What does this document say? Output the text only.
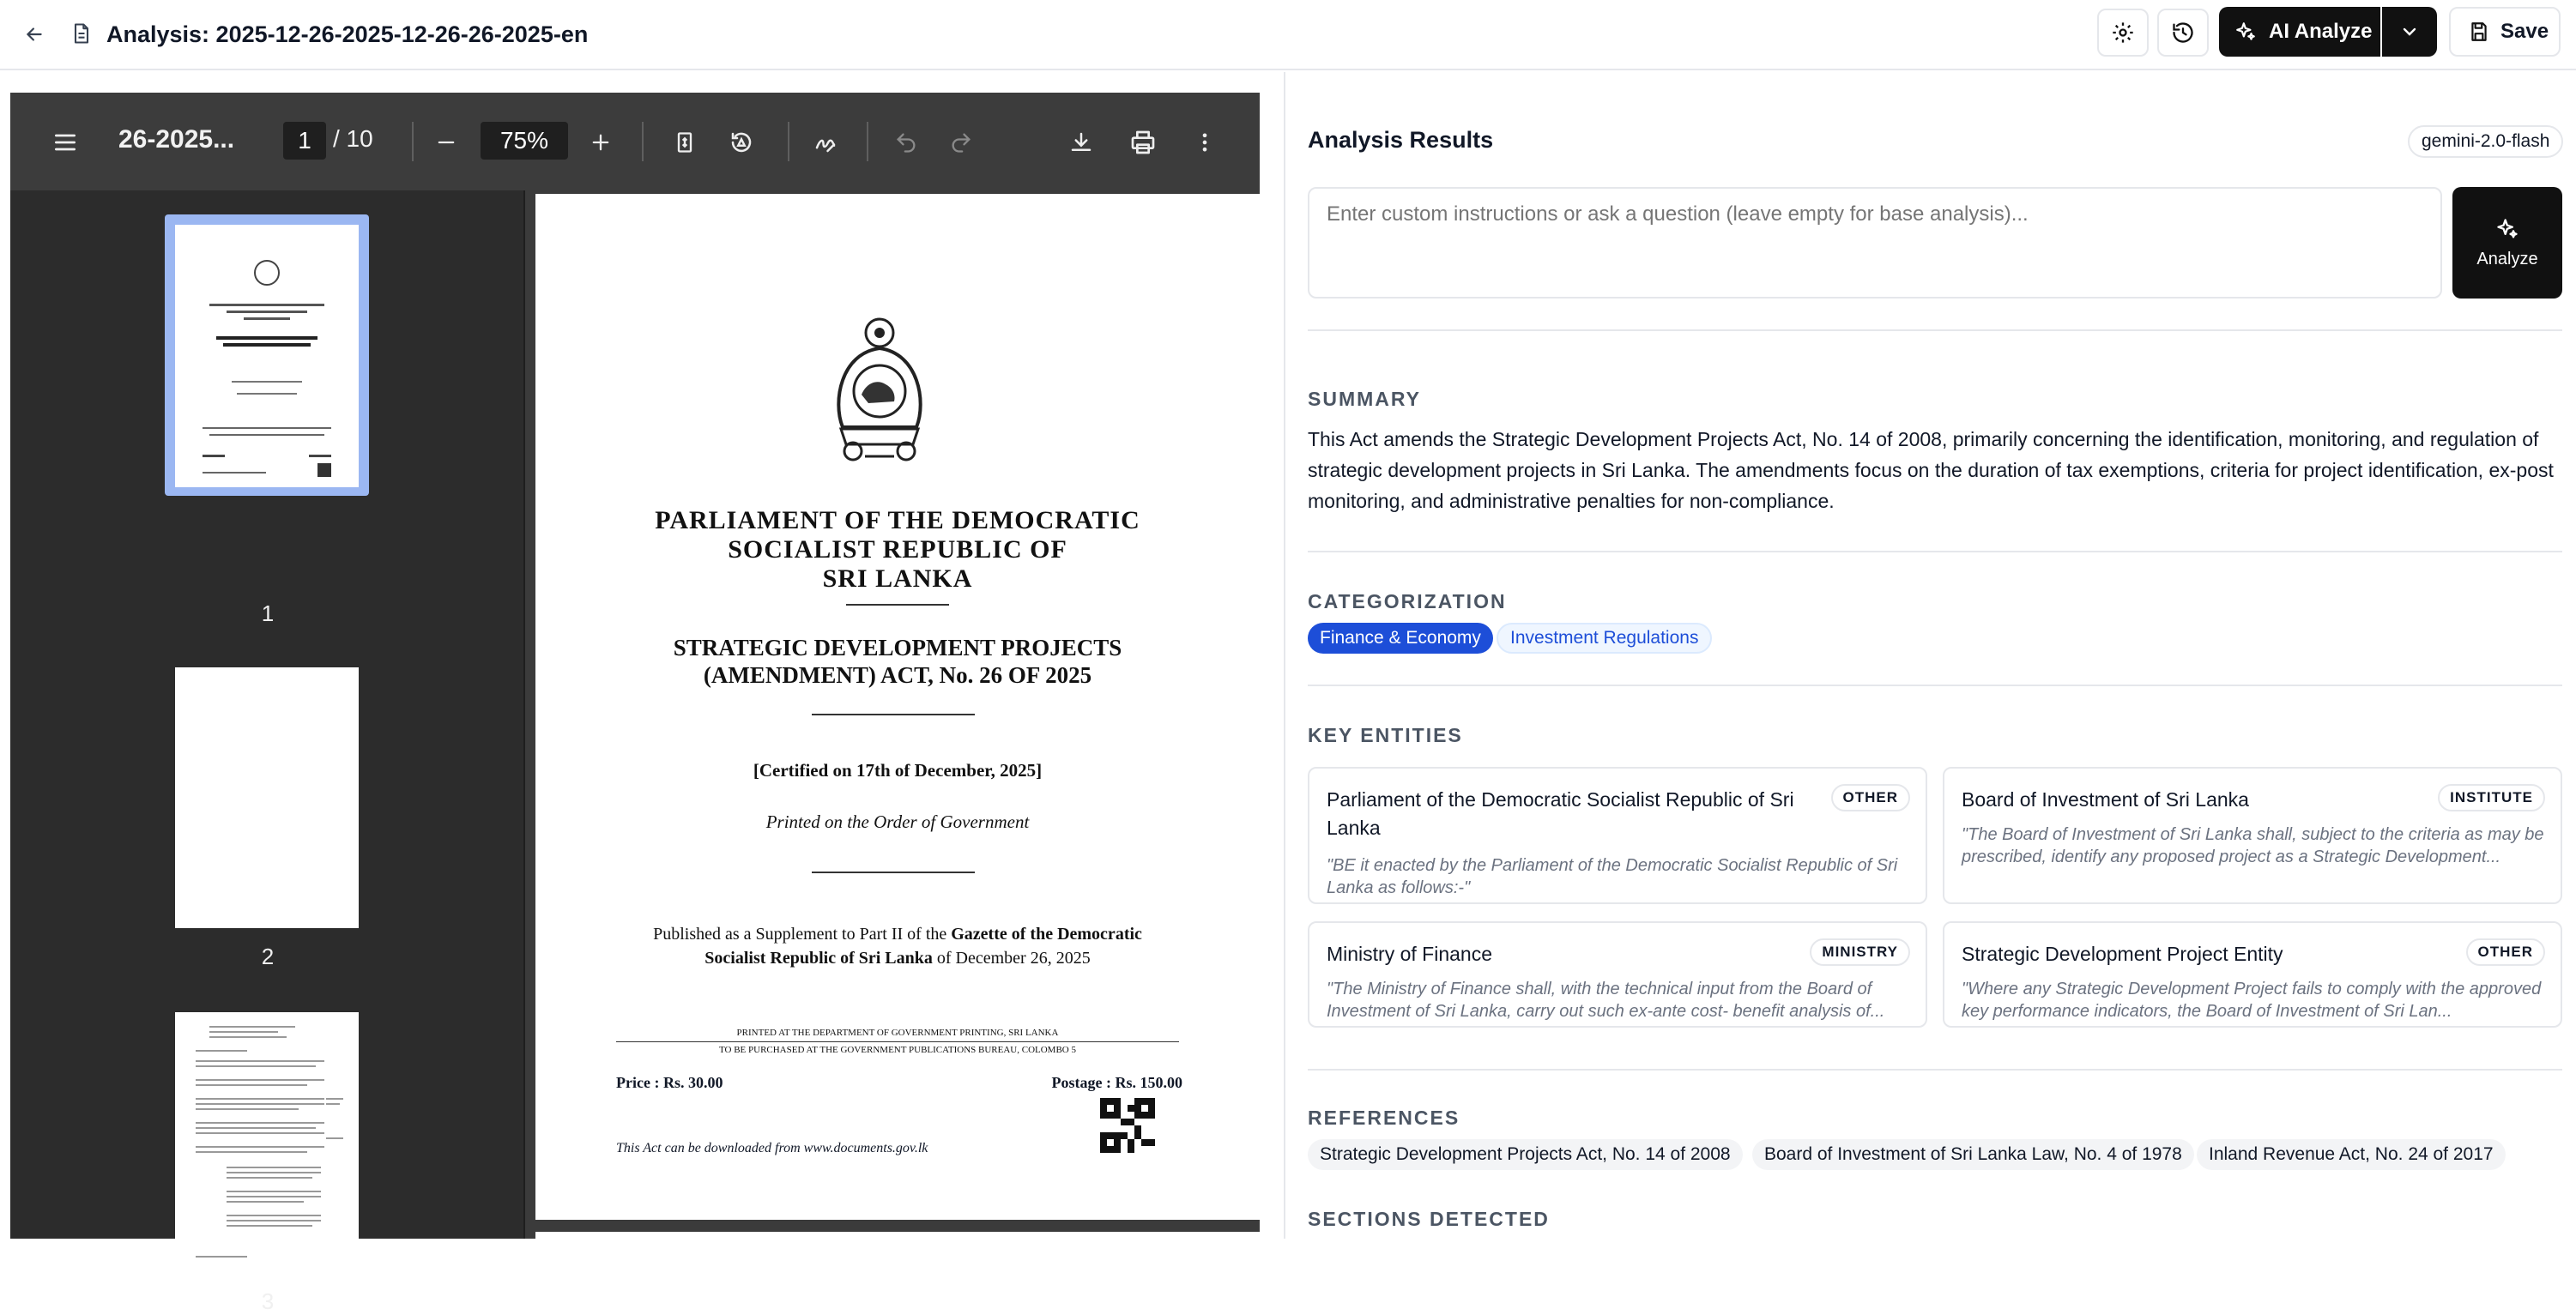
Analysis: 2025-12-26-2025-12-26-26-2025-en	AI Analyze	Save
26-2025...	1 / 10	75%
1
2
3
PARLIAMENT OF THE DEMOCRATIC
SOCIALIST REPUBLIC OF
SRI LANKA
STRATEGIC DEVELOPMENT PROJECTS
(AMENDMENT) ACT, No. 26 OF 2025
[Certified on 17th of December, 2025]
Printed on the Order of Government
Published as a Supplement to Part II of the Gazette of the Democratic
Socialist Republic of Sri Lanka of December 26, 2025
PRINTED AT THE DEPARTMENT OF GOVERNMENT PRINTING, SRI LANKA
TO BE PURCHASED AT THE GOVERNMENT PUBLICATIONS BUREAU, COLOMBO 5
Price : Rs. 30.00	Postage : Rs. 150.00
This Act can be downloaded from www.documents.gov.lk
Analysis Results	gemini-2.0-flash
Enter custom instructions or ask a question (leave empty for base analysis)...
Analyze
SUMMARY
This Act amends the Strategic Development Projects Act, No. 14 of 2008, primarily concerning the identification, monitoring, and regulation of strategic development projects in Sri Lanka. The amendments focus on the duration of tax exemptions, criteria for project identification, ex-post monitoring, and administrative penalties for non-compliance.
CATEGORIZATION
Finance & Economy	Investment Regulations
KEY ENTITIES
Parliament of the Democratic Socialist Republic of Sri Lanka
OTHER
"BE it enacted by the Parliament of the Democratic Socialist Republic of Sri Lanka as follows:-"
Board of Investment of Sri Lanka	INSTITUTE
"The Board of Investment of Sri Lanka shall, subject to the criteria as may be prescribed, identify any proposed project as a Strategic Development...
Ministry of Finance	MINISTRY
"The Ministry of Finance shall, with the technical input from the Board of Investment of Sri Lanka, carry out such ex-ante cost- benefit analysis of...
Strategic Development Project Entity	OTHER
"Where any Strategic Development Project fails to comply with the approved key performance indicators, the Board of Investment of Sri Lan...
REFERENCES
Strategic Development Projects Act, No. 14 of 2008	Board of Investment of Sri Lanka Law, No. 4 of 1978	Inland Revenue Act, No. 24 of 2017
SECTIONS DETECTED
